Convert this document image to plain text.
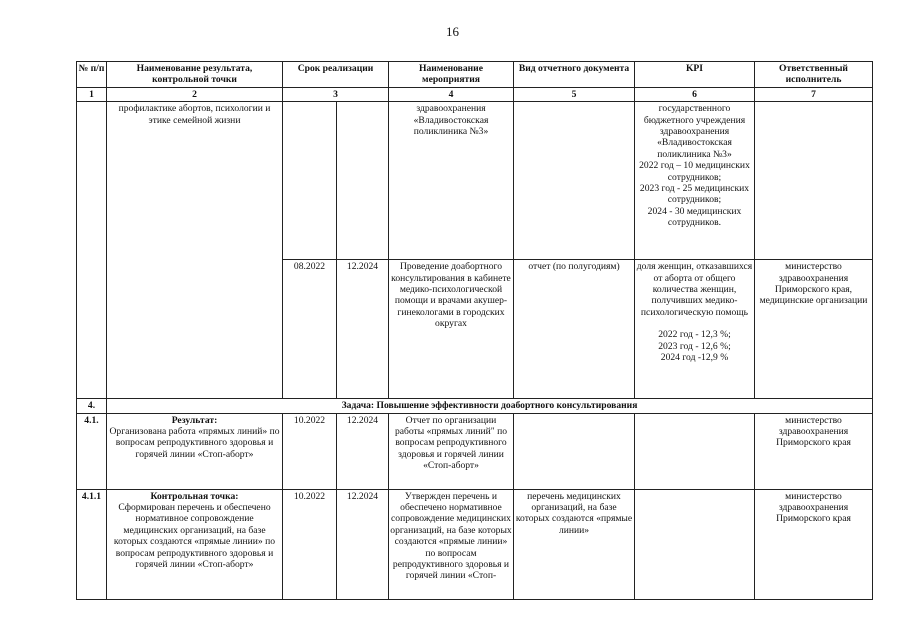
16
№ п/п	Наименование результата, контрольной точки	Срок реализации		Наименование мероприятия	Вид отчетного документа	KPI	Ответственный исполнитель
1	2	3		4	5	6	7
	профилактике абортов, психологии и этике семейной жизни			здравоохранения «Владивостокская поликлиника №3»		государственного бюджетного учреждения здравоохранения «Владивостокская поликлиника №3»
2022 год – 10 медицинских сотрудников;
2023 год - 25 медицинских сотрудников;
2024 - 30 медицинских сотрудников.	

		08.2022	12.2024	Проведение доабортного консультирования в кабинете медико-психологической помощи и врачами акушер-гинекологами в городских округах	отчет (по полугодиям)	доля женщин, отказавшихся от аборта от общего количества женщин, получивших медико-психологическую помощь
2022 год - 12,3 %;
2023 год - 12,6 %;
2024 год -12,9 %	министерство здравоохранения Приморского края, медицинские организации
4.	Задача: Повышение эффективности доабортного консультирования						
4.1.	Результат:
Организована работа «прямых линий» по вопросам репродуктивного здоровья и горячей линии «Стоп-аборт»	10.2022	12.2024	Отчет по организации работы «прямых линий" по вопросам репродуктивного здоровья и горячей линии «Стоп-аборт»			министерство здравоохранения Приморского края
4.1.1	Контрольная точка:
Сформирован перечень и обеспечено нормативное сопровождение медицинских организаций, на базе которых создаются «прямые линии» по вопросам репродуктивного здоровья и горячей линии «Стоп-аборт»	10.2022	12.2024	Утвержден перечень и обеспечено нормативное сопровождение медицинских организаций, на базе которых создаются «прямые линии» по вопросам репродуктивного здоровья и горячей линии «Стоп-	перечень медицинских организаций, на базе которых создаются «прямые линии»		министерство здравоохранения Приморского края
